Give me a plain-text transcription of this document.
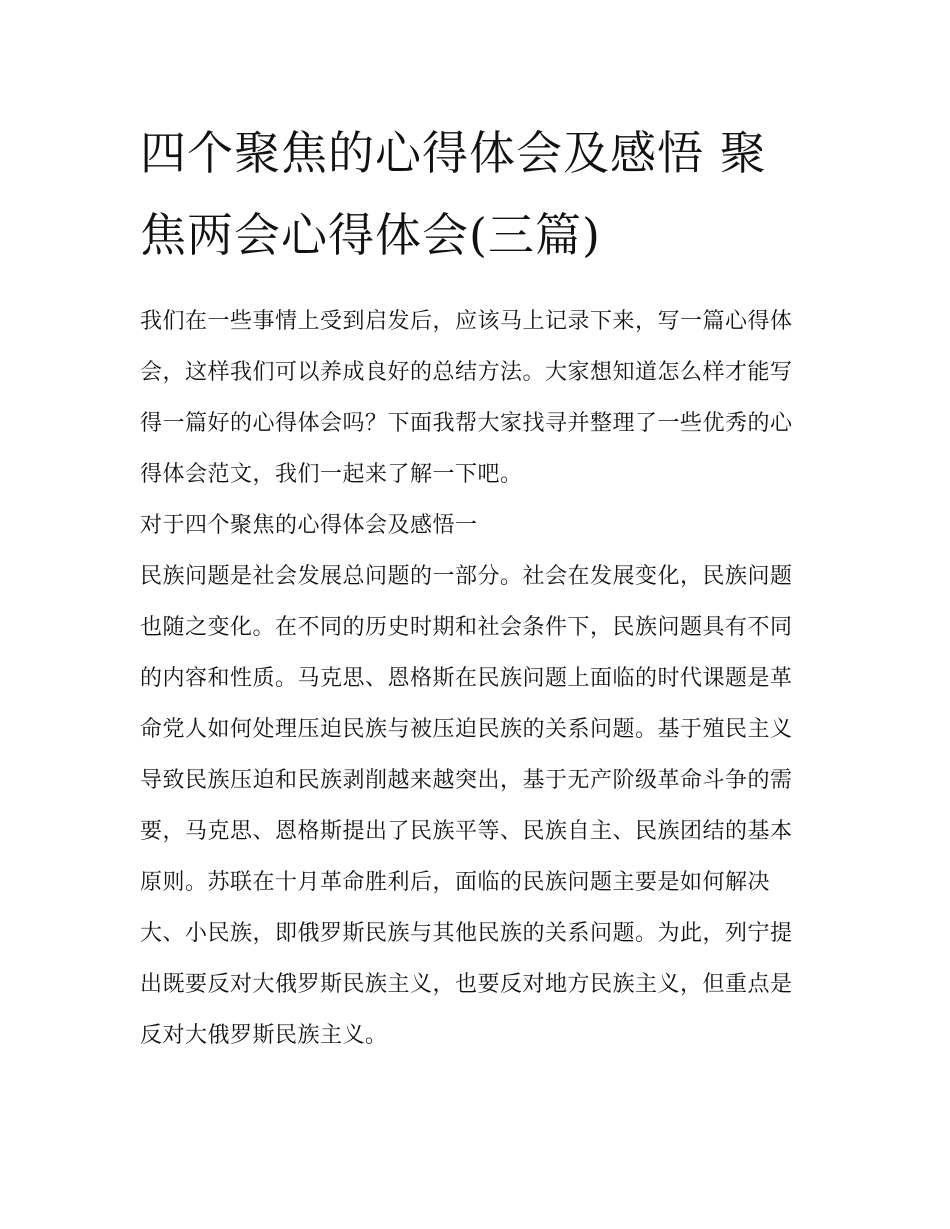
四个聚焦的心得体会及感悟 聚焦两会心得体会(三篇)

我们在一些事情上受到启发后，应该马上记录下来，写一篇心得体会，这样我们可以养成良好的总结方法。大家想知道怎么样才能写得一篇好的心得体会吗？下面我帮大家找寻并整理了一些优秀的心得体会范文，我们一起来了解一下吧。

对于四个聚焦的心得体会及感悟一

民族问题是社会发展总问题的一部分。社会在发展变化，民族问题也随之变化。在不同的历史时期和社会条件下，民族问题具有不同的内容和性质。马克思、恩格斯在民族问题上面临的时代课题是革命党人如何处理压迫民族与被压迫民族的关系问题。基于殖民主义导致民族压迫和民族剥削越来越突出，基于无产阶级革命斗争的需要，马克思、恩格斯提出了民族平等、民族自主、民族团结的基本原则。苏联在十月革命胜利后，面临的民族问题主要是如何解决大、小民族，即俄罗斯民族与其他民族的关系问题。为此，列宁提出既要反对大俄罗斯民族主义，也要反对地方民族主义，但重点是反对大俄罗斯民族主义。
